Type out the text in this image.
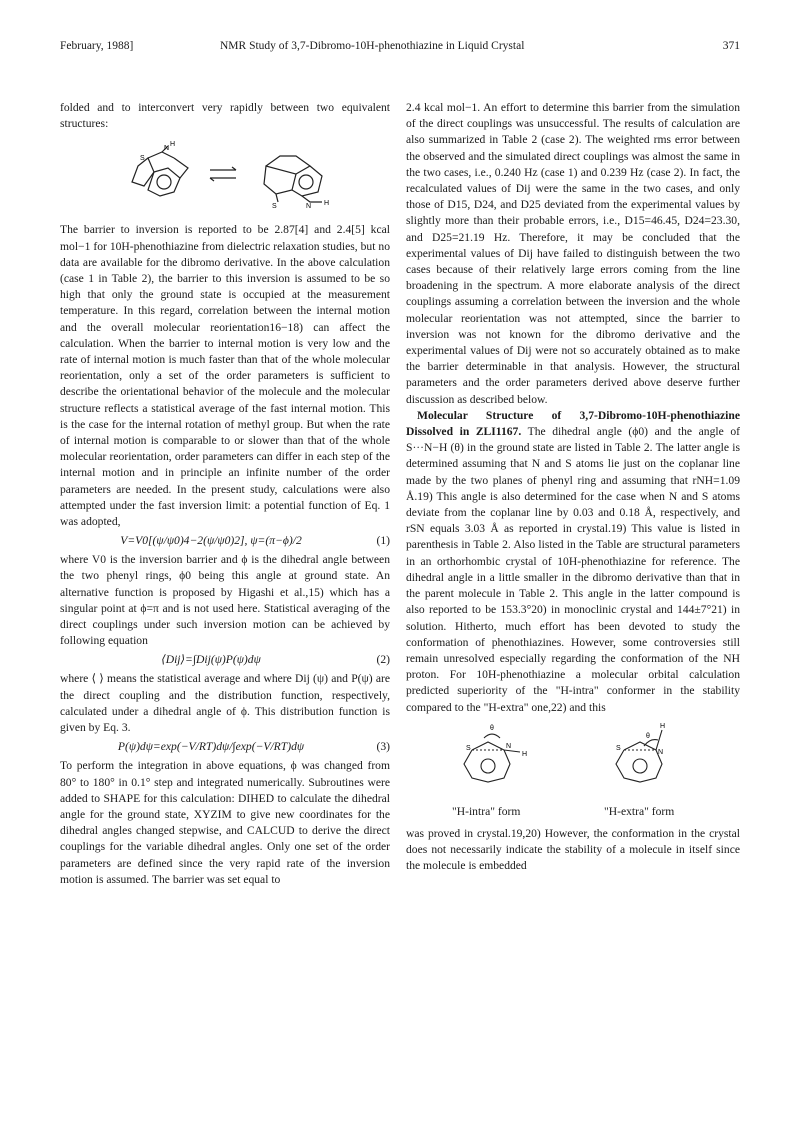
February, 1988]	NMR Study of 3,7-Dibromo-10H-phenothiazine in Liquid Crystal	371

folded and to interconvert very rapidly between two equivalent structures:

S
N
H
S	N H

The barrier to inversion is reported to be 2.87[4] and 2.4[5] kcal mol−1 for 10H-phenothiazine from dielectric relaxation studies, but no data are available for the dibromo derivative. In the above calculation (case 1 in Table 2), the barrier to this inversion is assumed to be so high that only the ground state is occupied at the measurement temperature. In this regard, correlation between the internal motion and the overall molecular reorientation16−18) can affect the calculation. When the barrier to internal motion is very low and the rate of internal motion is much faster than that of the whole molecular reorientation, only a set of the order parameters is sufficient to describe the orientational behavior of the molecule and the molecular structure reflects a statistical average of the fast internal motion. This is the case for the internal rotation of methyl group. But when the rate of internal motion is comparable to or slower than that of the whole molecular reorientation, order parameters can differ in each step of the internal motion and in principle an infinite number of the order parameters are needed. In the present study, calculations were also attempted under the fast inversion limit: a potential function of Eq. 1 was adopted,

V=V0[(ψ/ψ0)4−2(ψ/ψ0)2], ψ=(π−ϕ)/2	(1)

where V0 is the inversion barrier and ϕ is the dihedral angle between the two phenyl rings, ϕ0 being this angle at ground state. An alternative function is proposed by Higashi et al.,15) which has a singular point at ϕ=π and is not used here. Statistical averaging of the direct couplings under such inversion motion can be achieved by following equation

⟨Dij⟩=∫Dij(ψ)P(ψ)dψ	(2)

where ⟨ ⟩ means the statistical average and where Dij (ψ) and P(ψ) are the direct coupling and the distribution function, respectively, calculated under a dihedral angle of ϕ. This distribution function is given by Eq. 3.

P(ψ)dψ=exp(−V/RT)dψ/∫exp(−V/RT)dψ	(3)

To perform the integration in above equations, ϕ was changed from 80° to 180° in 0.1° step and integrated numerically. Subroutines were added to SHAPE for this calculation: DIHED to calculate the dihedral angle for the ground state, XYZIM to give new coordinates for the dihedral angles changed stepwise, and CALCUD to derive the direct couplings for the variable dihedral angles. Only one set of the order parameters are defined since the very rapid rate of the inversion motion is assumed. The barrier was set equal to

2.4 kcal mol−1. An effort to determine this barrier from the simulation of the direct couplings was unsuccessful. The results of calculation are also summarized in Table 2 (case 2). The weighted rms error between the observed and the simulated direct couplings was almost the same in the two cases, i.e., 0.240 Hz (case 1) and 0.239 Hz (case 2). In fact, the recalculated values of Dij were the same in the two cases, and only those of D15, D24, and D25 deviated from the experimental values by slightly more than their probable errors, i.e., D15=46.45, D24=23.30, and D25=21.19 Hz. Therefore, it may be concluded that the experimental values of Dij have failed to distinguish between the two cases because of their relatively large errors coming from the line broadening in the spectrum. A more elaborate analysis of the direct couplings assuming a correlation between the inversion and the whole molecular reorientation was not attempted, since the barrier to inversion was not known for the dibromo derivative and the experimental values of Dij were not so accurately obtained as to make the barrier determinable in that analysis. However, the structural parameters and the order parameters derived above deserve further discussion as described below.

Molecular Structure of 3,7-Dibromo-10H-phenothiazine Dissolved in ZLI1167. The dihedral angle (ϕ0) and the angle of S···N−H (θ) in the ground state are listed in Table 2. The latter angle is determined assuming that N and S atoms lie just on the coplanar line made by the two planes of phenyl ring and assuming that rNH=1.09 Å.19) This angle is also determined for the case when N and S atoms deviate from the coplanar line by 0.03 and 0.18 Å, respectively, and rSN equals 3.03 Å as reported in crystal.19) This value is listed in parenthesis in Table 2. Also listed in the Table are structural parameters in an orthorhombic crystal of 10H-phenothiazine for reference. The dihedral angle in a little smaller in the dibromo derivative than that in the parent molecule in Table 2. This angle in the latter compound is also reported to be 153.3°20) in monoclinic crystal and 144±7°21) in solution. Hitherto, much effort has been devoted to study the conformation of phenothiazines. However, some controversies still remain unresolved especially regarding the conformation of the NH proton. For 10H-phenothiazine a molecular orbital calculation predicted superiority of the "H-intra" conformer in the stability compared to the "H-extra" one,22) and this

S	N
H
θ
S
N
H
θ
"H-intra" form	"H-extra" form

was proved in crystal.19,20) However, the conformation in the crystal does not necessarily indicate the stability of a molecule in itself since the molecule is embedded
